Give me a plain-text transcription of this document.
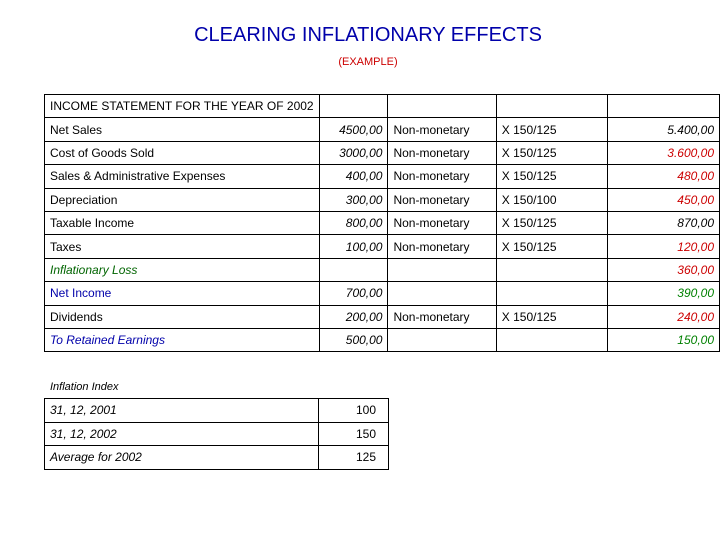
CLEARING INFLATIONARY EFFECTS
(EXAMPLE)
INCOME STATEMENT FOR THE YEAR OF 2002				
Net Sales	4500,00	Non-monetary	X 150/125	5.400,00
Cost of Goods Sold	3000,00	Non-monetary	X 150/125	3.600,00
Sales & Administrative Expenses	400,00	Non-monetary	X 150/125	480,00
Depreciation	300,00	Non-monetary	X 150/100	450,00
Taxable Income	800,00	Non-monetary	X 150/125	870,00
Taxes	100,00	Non-monetary	X 150/125	120,00
Inflationary Loss				360,00
Net Income	700,00			390,00
Dividends	200,00	Non-monetary	X 150/125	240,00
To Retained Earnings	500,00			150,00
Inflation Index
31, 12, 2001	100
31, 12, 2002	150
Average for 2002	125
